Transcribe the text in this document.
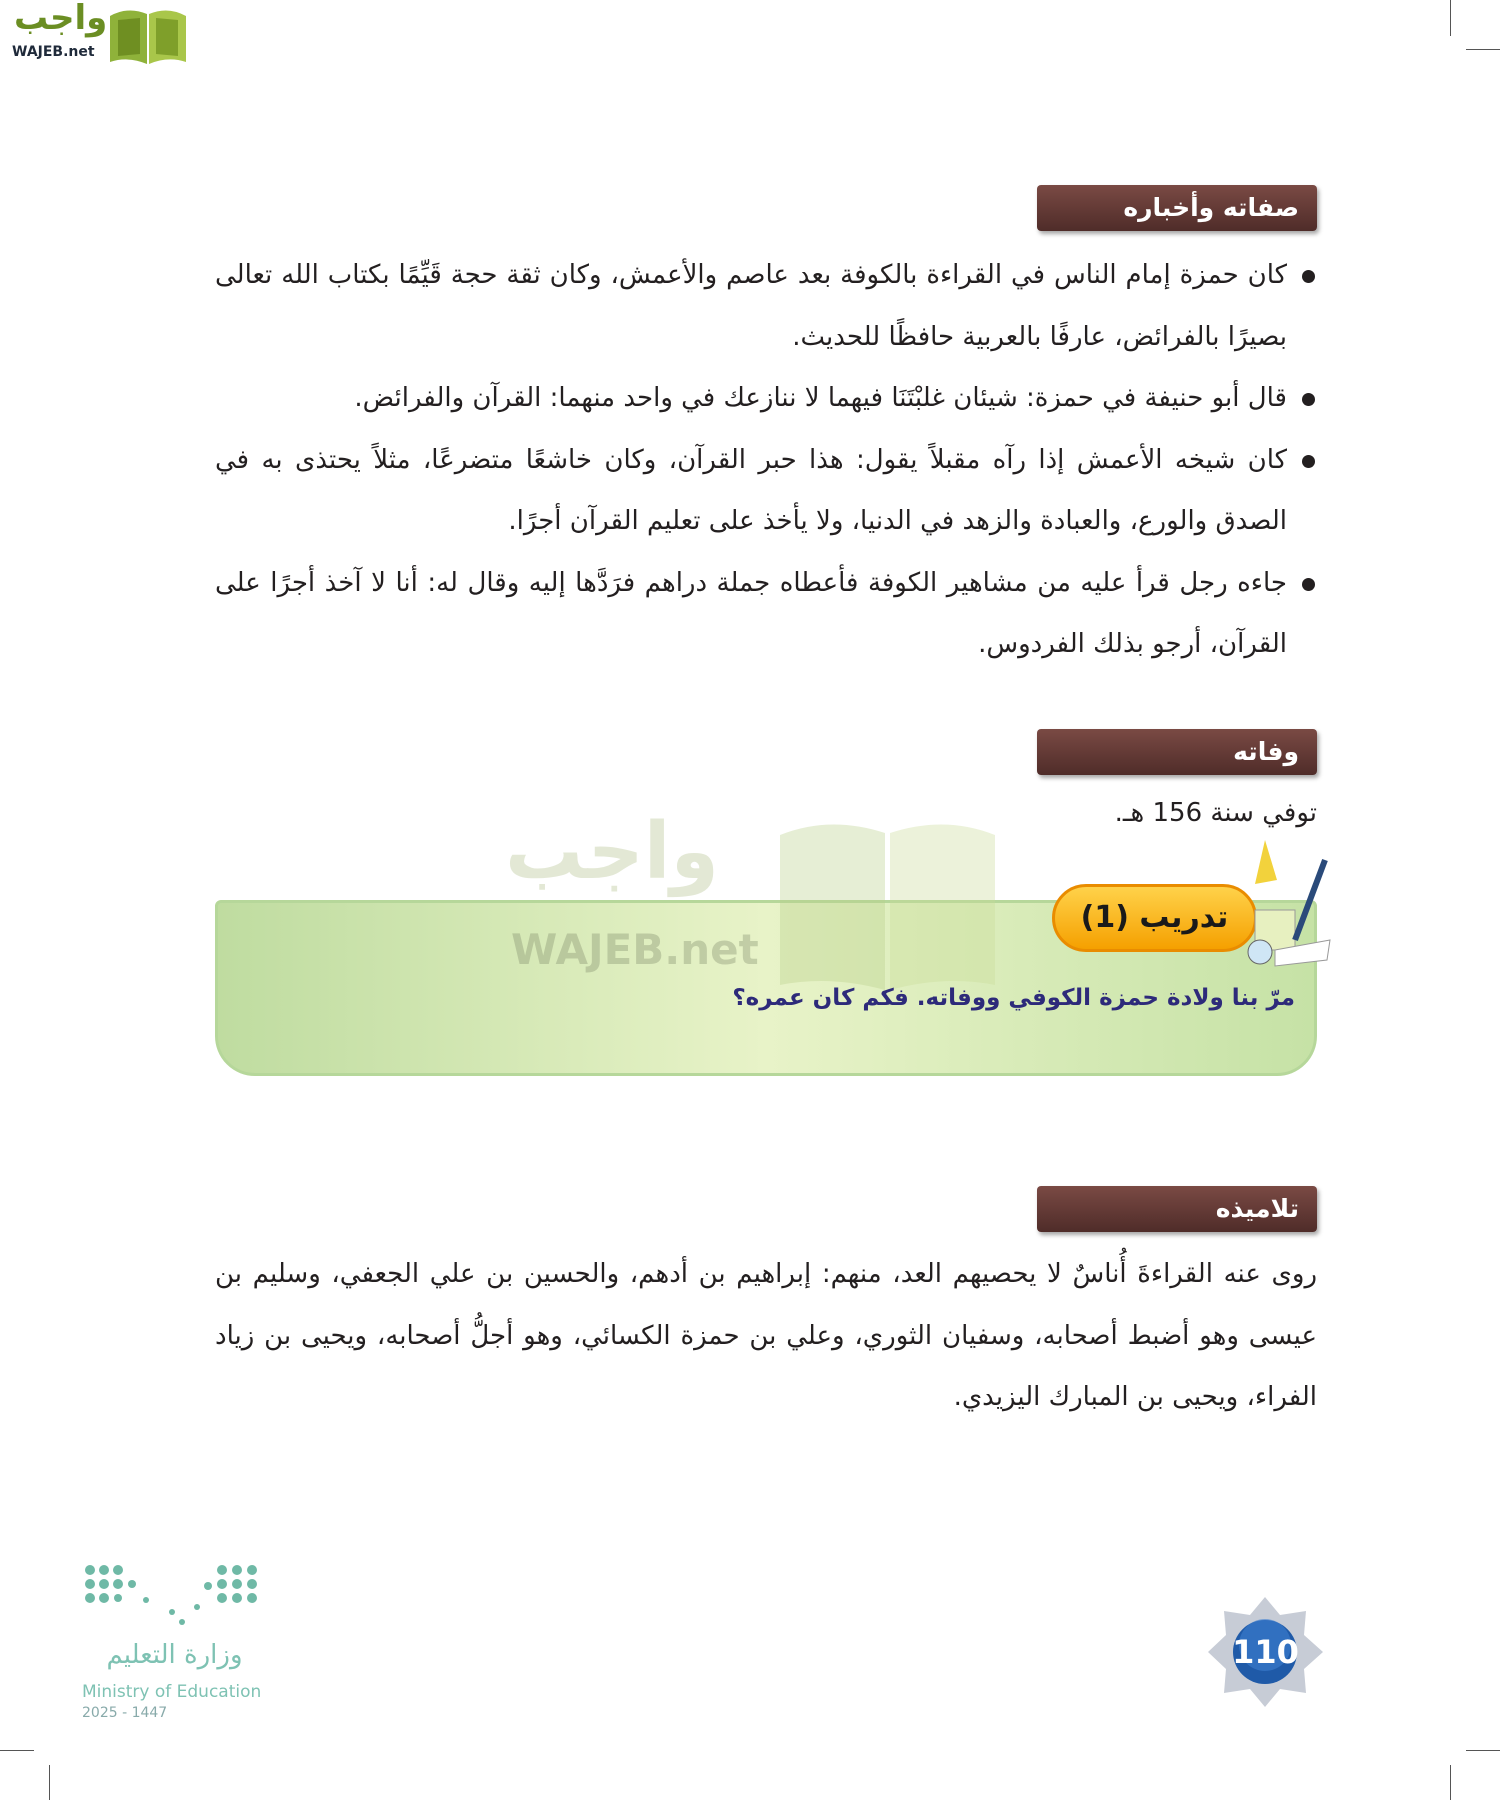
واجب
WAJEB.net
صفاته وأخباره
كان حمزة إمام الناس في القراءة بالكوفة بعد عاصم والأعمش، وكان ثقة حجة قَيِّمًا بكتاب الله تعالى بصيرًا بالفرائض، عارفًا بالعربية حافظًا للحديث.
قال أبو حنيفة في حمزة: شيئان غلبْتَنَا فيهما لا ننازعك في واحد منهما: القرآن والفرائض.
كان شيخه الأعمش إذا رآه مقبلاً يقول: هذا حبر القرآن، وكان خاشعًا متضرعًا، مثلاً يحتذى به في الصدق والورع، والعبادة والزهد في الدنيا، ولا يأخذ على تعليم القرآن أجرًا.
جاءه رجل قرأ عليه من مشاهير الكوفة فأعطاه جملة دراهم فرَدَّها إليه وقال له: أنا لا آخذ أجرًا على القرآن، أرجو بذلك الفردوس.
وفاته
توفي سنة 156 هـ.
واجب
WAJEB.net
تدريب (1)
مرّ بنا ولادة حمزة الكوفي ووفاته. فكم كان عمره؟
تلاميذه
روى عنه القراءةَ أُناسٌ لا يحصيهم العد، منهم: إبراهيم بن أدهم، والحسين بن علي الجعفي، وسليم بن عيسى وهو أضبط أصحابه، وسفيان الثوري، وعلي بن حمزة الكسائي، وهو أجلُّ أصحابه، ويحيى بن زياد الفراء، ويحيى بن المبارك اليزيدي.
وزارة التعليم
Ministry of Education
2025 - 1447
110
